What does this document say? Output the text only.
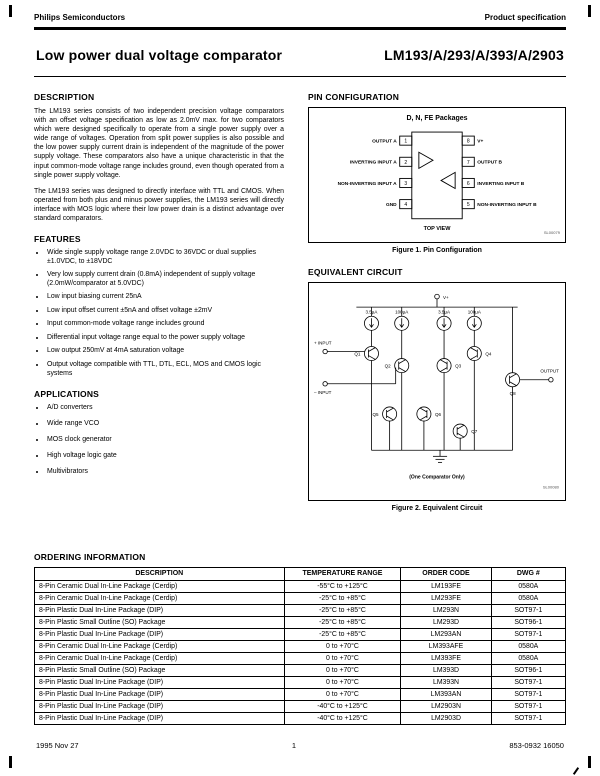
Philips Semiconductors	Product specification
Low power dual voltage comparator	LM193/A/293/A/393/A/2903
DESCRIPTION

The LM193 series consists of two independent precision voltage comparators with an offset voltage specification as low as 2.0mV max. for two comparators which were designed specifically to operate from a single power supply over a wide range of voltages. Operation from split power supplies is also possible and the low power supply current drain is independent of the magnitude of the power supply voltage. These comparators also have a unique characteristic in that the input common-mode voltage range includes ground, even though operated from a single power supply voltage.

The LM193 series was designed to directly interface with TTL and CMOS. When operated from both plus and minus power supplies, the LM193 series will directly interface with MOS logic where their low power drain is a distinct advantage over standard comparators.

FEATURES
• Wide single supply voltage range 2.0VDC to 36VDC or dual supplies ±1.0VDC, to ±18VDC
• Very low supply current drain (0.8mA) independent of supply voltage (2.0mW/comparator at 5.0VDC)
• Low input biasing current 25nA
• Low input offset current ±5nA and offset voltage ±2mV
• Input common-mode voltage range includes ground
• Differential input voltage range equal to the power supply voltage
• Low output 250mV at 4mA saturation voltage
• Output voltage compatible with TTL, DTL, ECL, MOS and CMOS logic systems
APPLICATIONS
• A/D converters
• Wide range VCO
• MOS clock generator
• High voltage logic gate
• Multivibrators
PIN CONFIGURATION
D, N, FE Packages
1
2
3
4
8
7
6
5
OUTPUT A
INVERTING INPUT A
NON-INVERTING INPUT A
GND
V+
OUTPUT B
INVERTING INPUT B
NON-INVERTING INPUT B
TOP VIEW
SL00079
Figure 1. Pin Configuration
EQUIVALENT CIRCUIT
V+
3.5µA	100µA	3.5µA	100µA
Q1
Q2	Q3
Q4
Q5	Q6
Q7
Q8
+ INPUT
– INPUT
OUTPUT
(One Comparator Only)
SL00080
Figure 2. Equivalent Circuit
ORDERING INFORMATION
DESCRIPTION	TEMPERATURE RANGE	ORDER CODE	DWG #
8-Pin Ceramic Dual In-Line Package (Cerdip)	-55°C to +125°C	LM193FE	0580A
8-Pin Ceramic Dual In-Line Package (Cerdip)	-25°C to +85°C	LM293FE	0580A
8-Pin Plastic Dual In-Line Package (DIP)	-25°C to +85°C	LM293N	SOT97-1
8-Pin Plastic Small Outline (SO) Package	-25°C to +85°C	LM293D	SOT96-1
8-Pin Plastic Dual In-Line Package (DIP)	-25°C to +85°C	LM293AN	SOT97-1
8-Pin Ceramic Dual In-Line Package (Cerdip)	0 to +70°C	LM393AFE	0580A
8-Pin Ceramic Dual In-Line Package (Cerdip)	0 to +70°C	LM393FE	0580A
8-Pin Plastic Small Outline (SO) Package	0 to +70°C	LM393D	SOT96-1
8-Pin Plastic Dual In-Line Package (DIP)	0 to +70°C	LM393N	SOT97-1
8-Pin Plastic Dual In-Line Package (DIP)	0 to +70°C	LM393AN	SOT97-1
8-Pin Plastic Dual In-Line Package (DIP)	-40°C to +125°C	LM2903N	SOT97-1
8-Pin Plastic Dual In-Line Package (DIP)	-40°C to +125°C	LM2903D	SOT97-1
1995 Nov 27	1	853-0932 16050
